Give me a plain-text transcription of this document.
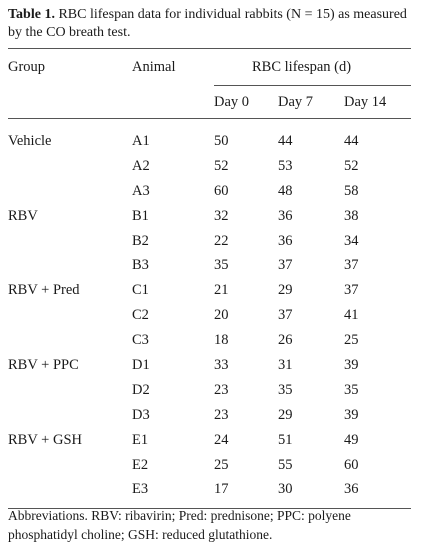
Table 1. RBC lifespan data for individual rabbits (N = 15) as measured by the CO breath test.
Group	Animal	RBC lifespan (d)		
		Day 0	Day 7	Day 14

Vehicle	A1	50	44	44
	A2	52	53	52
	A3	60	48	58
RBV	B1	32	36	38
	B2	22	36	34
	B3	35	37	37
RBV + Pred	C1	21	29	37
	C2	20	37	41
	C3	18	26	25
RBV + PPC	D1	33	31	39
	D2	23	35	35
	D3	23	29	39
RBV + GSH	E1	24	51	49
	E2	25	55	60
	E3	17	30	36
Abbreviations. RBV: ribavirin; Pred: prednisone; PPC: polyene phosphatidyl choline; GSH: reduced glutathione.
